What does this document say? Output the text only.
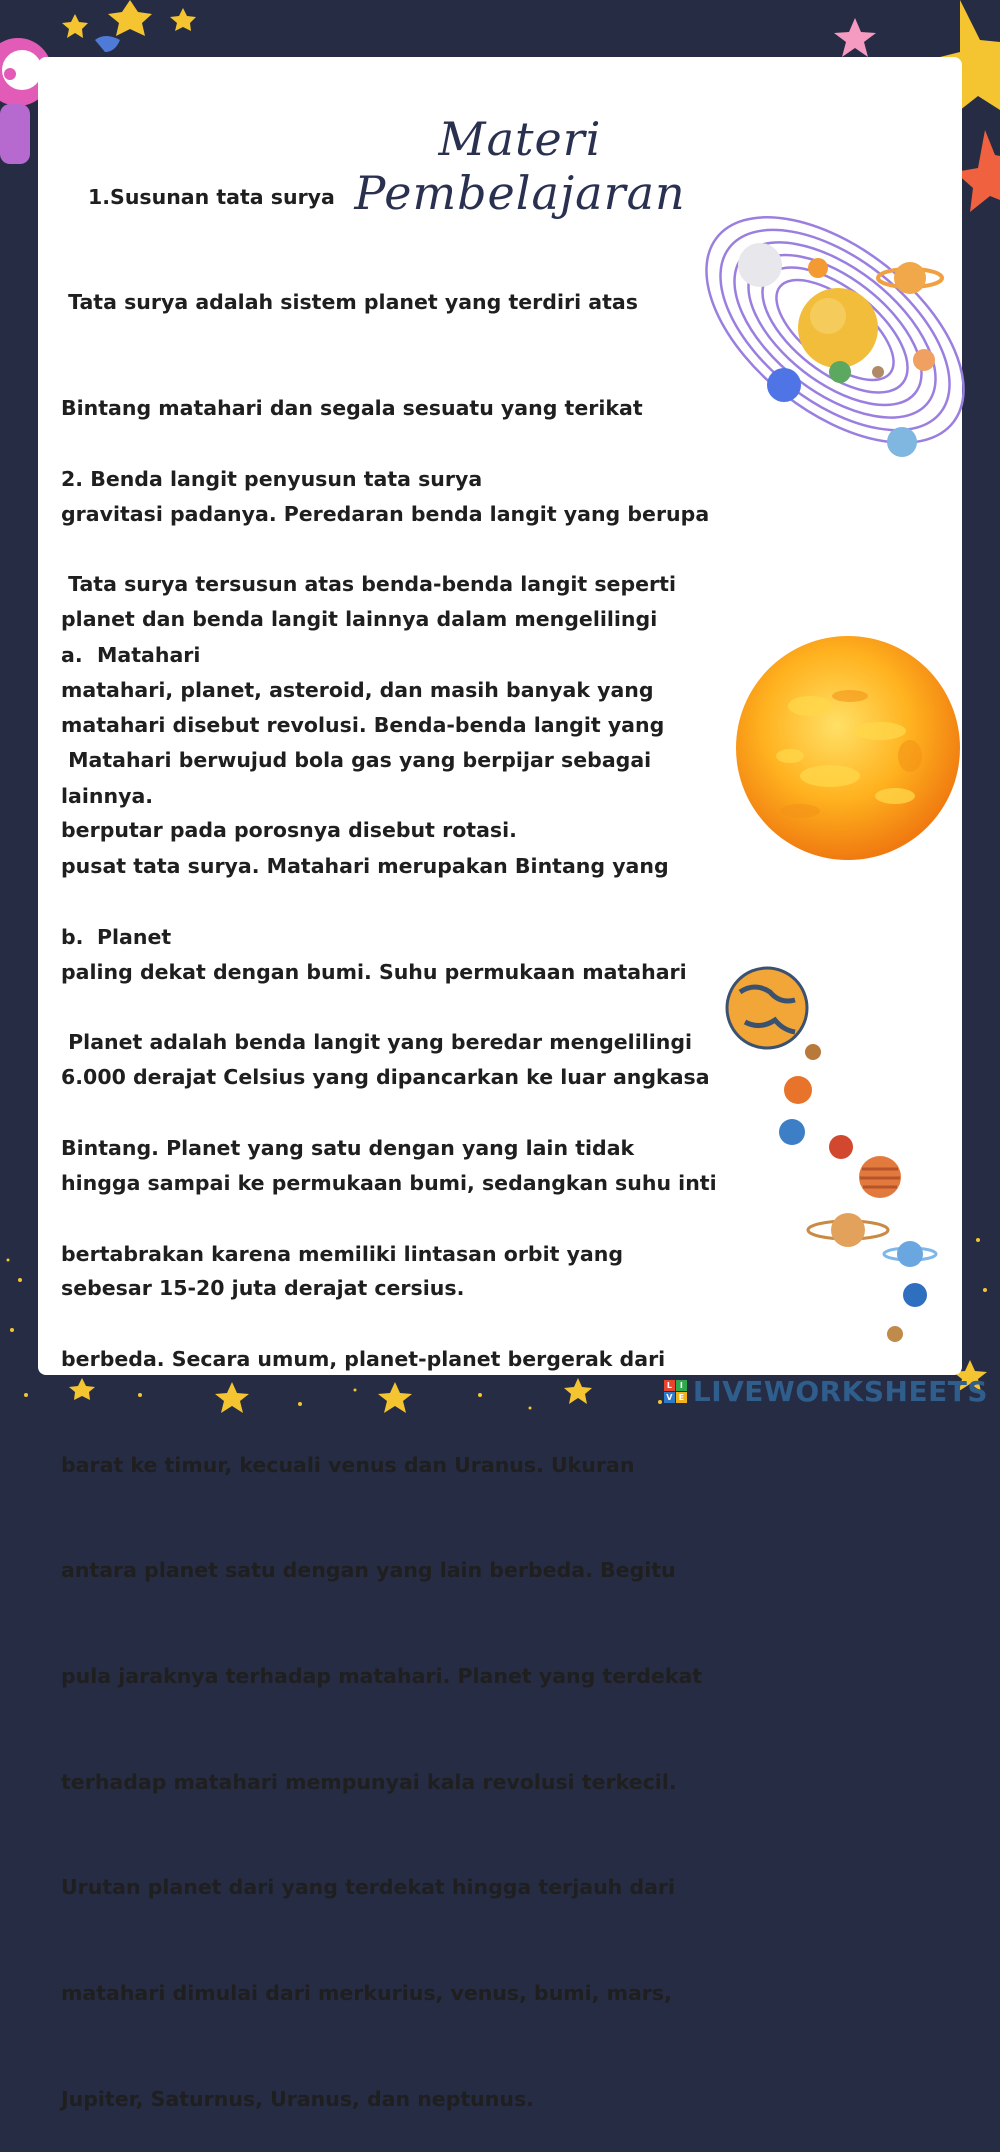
Materi Pembelajaran
1.Susunan tata surya

Tata surya adalah sistem planet yang terdiri atas

Bintang matahari dan segala sesuatu yang terikat

gravitasi padanya. Peredaran benda langit yang berupa

planet dan benda langit lainnya dalam mengelilingi

matahari disebut revolusi. Benda-benda langit yang

berputar pada porosnya disebut rotasi.

2. Benda langit penyusun tata surya

Tata surya tersusun atas benda-benda langit seperti

matahari, planet, asteroid, dan masih banyak yang

lainnya.

a. Matahari

Matahari berwujud bola gas yang berpijar sebagai

pusat tata surya. Matahari merupakan Bintang yang

paling dekat dengan bumi. Suhu permukaan matahari

6.000 derajat Celsius yang dipancarkan ke luar angkasa

hingga sampai ke permukaan bumi, sedangkan suhu inti

sebesar 15-20 juta derajat cersius.

b. Planet

Planet adalah benda langit yang beredar mengelilingi

Bintang. Planet yang satu dengan yang lain tidak

bertabrakan karena memiliki lintasan orbit yang

berbeda. Secara umum, planet-planet bergerak dari

barat ke timur, kecuali venus dan Uranus. Ukuran

antara planet satu dengan yang lain berbeda. Begitu

pula jaraknya terhadap matahari. Planet yang terdekat

terhadap matahari mempunyai kala revolusi terkecil.

Urutan planet dari yang terdekat hingga terjauh dari

matahari dimulai dari merkurius, venus, bumi, mars,

Jupiter, Saturnus, Uranus, dan neptunus.

L I
V E LIVEWORKSHEETS
